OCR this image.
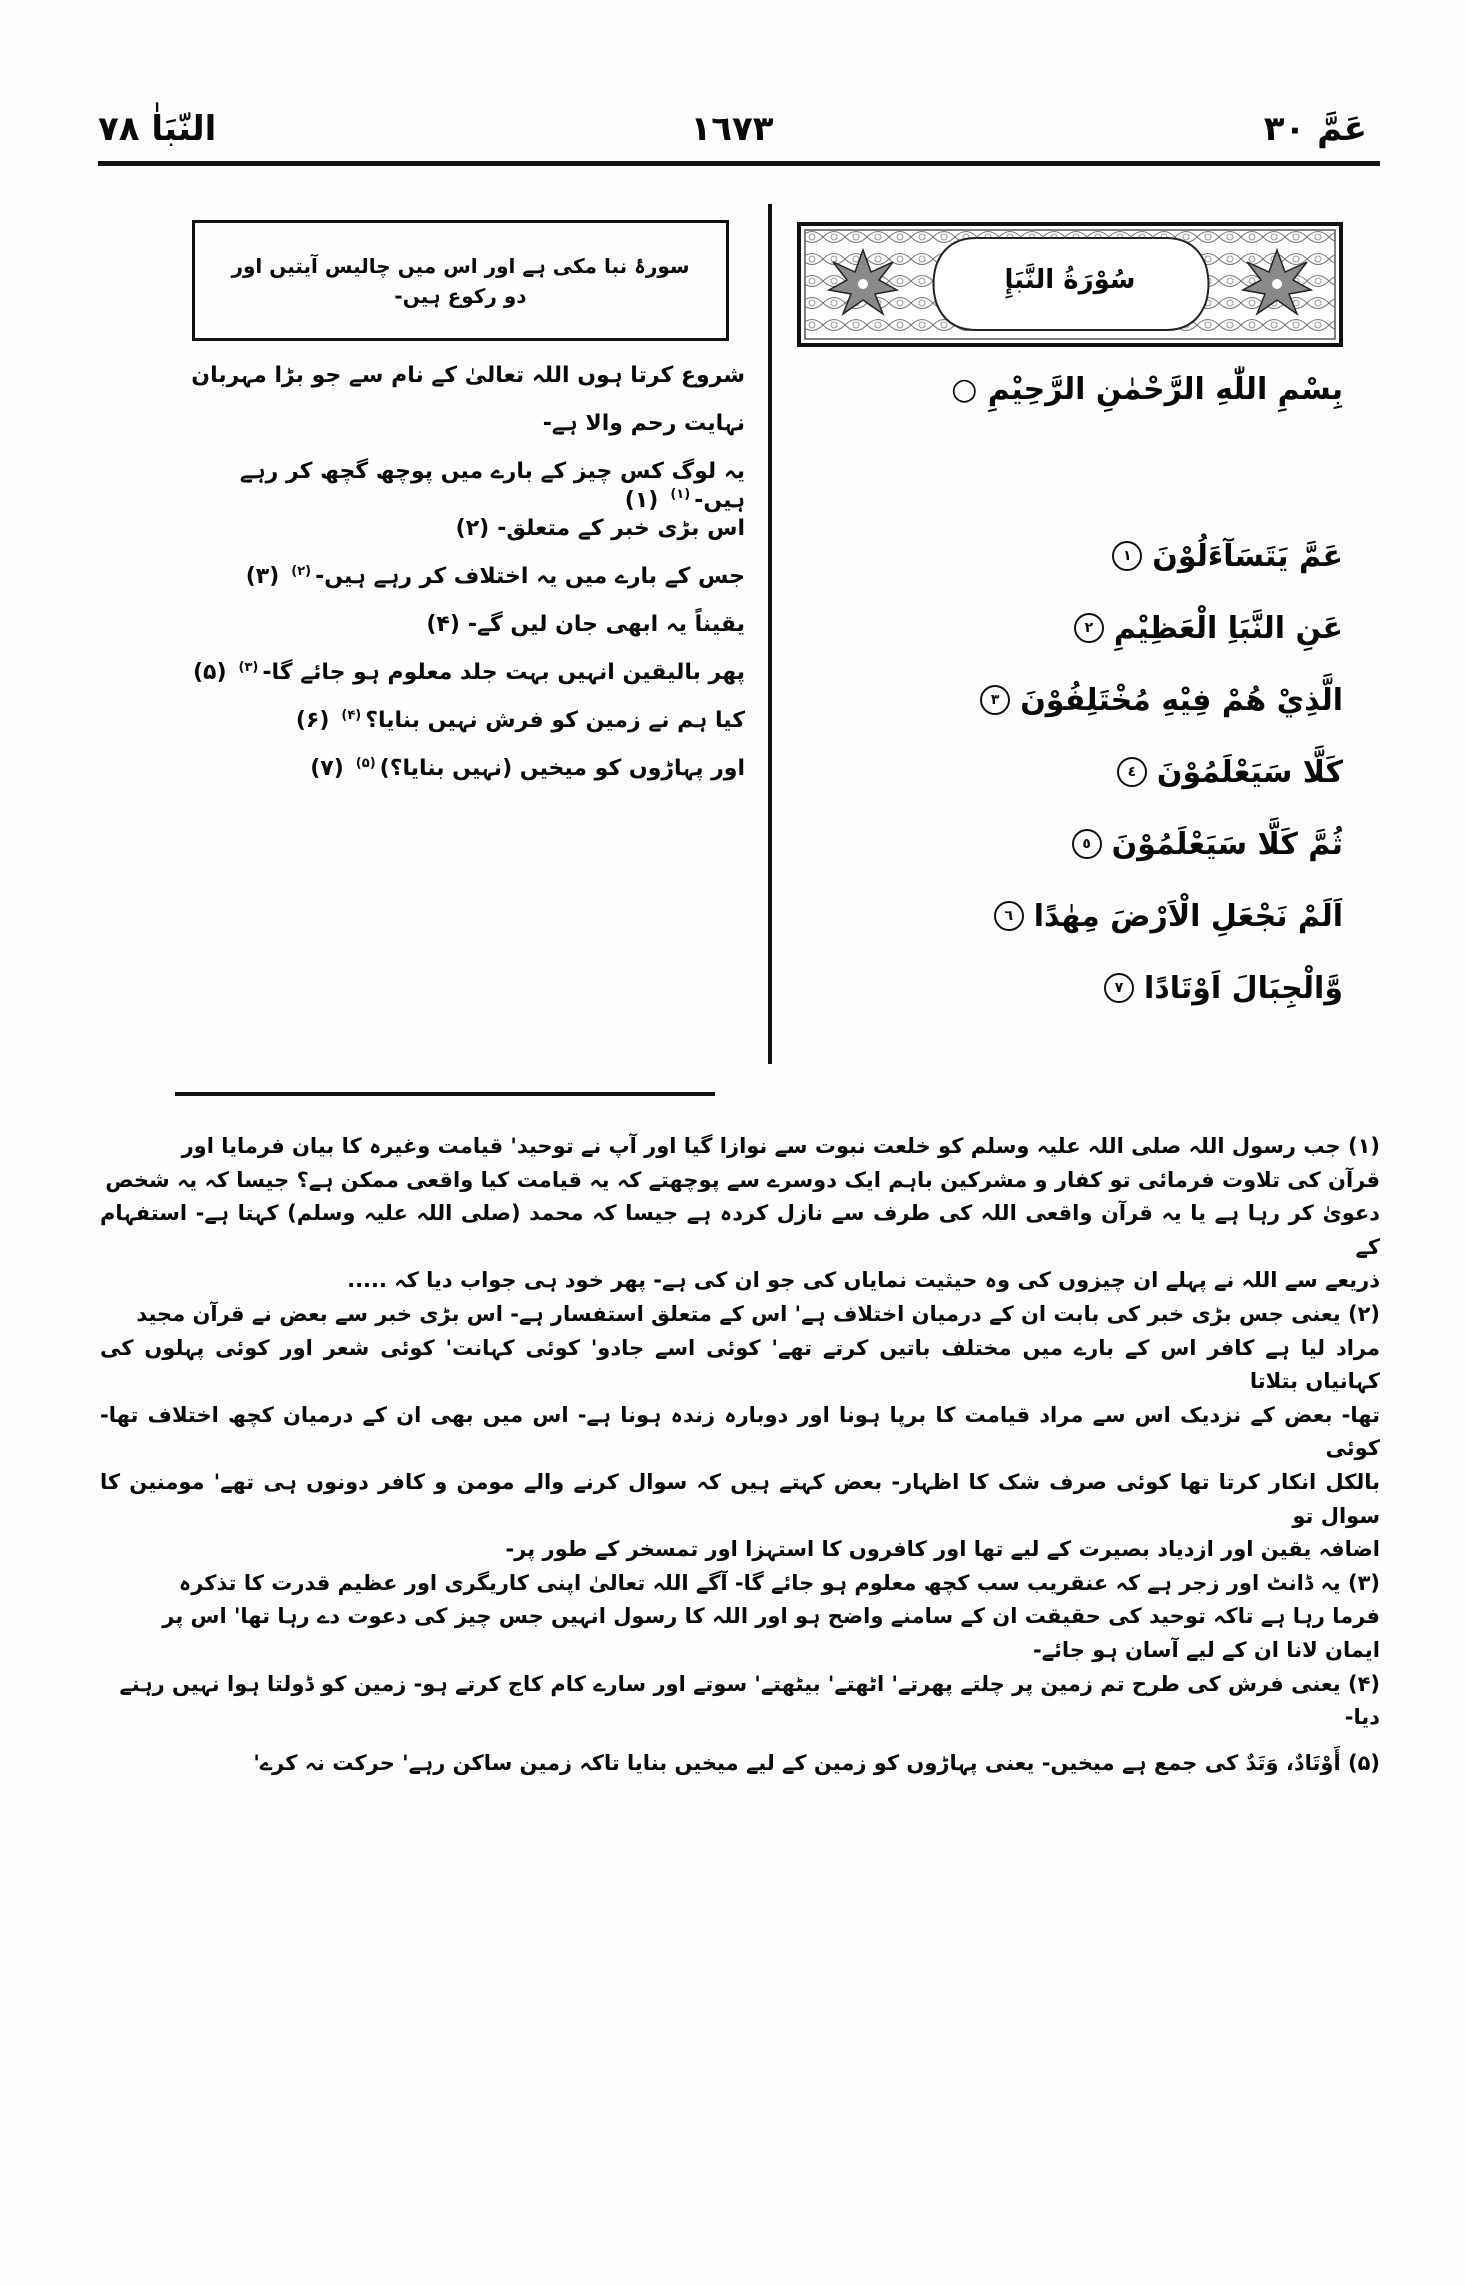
عَمَّ ٣٠
١٦٧٣
النّبَاٰ ٧٨
سُوْرَةُ النَّبَإِ
بِسْمِ اللّٰهِ الرَّحْمٰنِ الرَّحِيْمِ ○
عَمَّ يَتَسَآءَلُوْنَ
١
عَنِ النَّبَاِ الْعَظِيْمِ
٢
الَّذِيْ هُمْ فِيْهِ مُخْتَلِفُوْنَ
٣
كَلَّا سَيَعْلَمُوْنَ
٤
ثُمَّ كَلَّا سَيَعْلَمُوْنَ
٥
اَلَمْ نَجْعَلِ الْاَرْضَ مِهٰدًا
٦
وَّالْجِبَالَ اَوْتَادًا
٧
سورۂ نبا مکی ہے اور اس میں چالیس آیتیں اور
دو رکوع ہیں-
شروع کرتا ہوں اللہ تعالیٰ کے نام سے جو بڑا مہربان
نہایت رحم والا ہے-
یہ لوگ کس چیز کے بارے میں پوچھ گچھ کر رہے ہیں-$^{(۱)}$(۱)
اس بڑی خبر کے متعلق-(۲)
جس کے بارے میں یہ اختلاف کر رہے ہیں-$^{(۲)}$(۳)
یقیناً یہ ابھی جان لیں گے-(۴)
پھر بالیقین انہیں بہت جلد معلوم ہو جائے گا-$^{(۳)}$(۵)
کیا ہم نے زمین کو فرش نہیں بنایا؟$^{(۴)}$(۶)
اور پہاڑوں کو میخیں (نہیں بنایا؟)$^{(۵)}$(۷)
(۱) جب رسول اللہ صلی اللہ علیہ وسلم کو خلعت نبوت سے نوازا گیا اور آپ نے توحید' قیامت وغیرہ کا بیان فرمایا اور
قرآن کی تلاوت فرمائی تو کفار و مشرکین باہم ایک دوسرے سے پوچھتے کہ یہ قیامت کیا واقعی ممکن ہے؟ جیسا کہ یہ شخص
دعویٰ کر رہا ہے یا یہ قرآن واقعی اللہ کی طرف سے نازل کردہ ہے جیسا کہ محمد (صلی اللہ علیہ وسلم) کہتا ہے- استفہام کے
ذریعے سے اللہ نے پہلے ان چیزوں کی وہ حیثیت نمایاں کی جو ان کی ہے- پھر خود ہی جواب دیا کہ .....
(۲) یعنی جس بڑی خبر کی بابت ان کے درمیان اختلاف ہے' اس کے متعلق استفسار ہے- اس بڑی خبر سے بعض نے قرآن مجید
مراد لیا ہے کافر اس کے بارے میں مختلف باتیں کرتے تھے' کوئی اسے جادو' کوئی کہانت' کوئی شعر اور کوئی پہلوں کی کہانیاں بتلاتا
تھا- بعض کے نزدیک اس سے مراد قیامت کا برپا ہونا اور دوبارہ زندہ ہونا ہے- اس میں بھی ان کے درمیان کچھ اختلاف تھا- کوئی
بالکل انکار کرتا تھا کوئی صرف شک کا اظہار- بعض کہتے ہیں کہ سوال کرنے والے مومن و کافر دونوں ہی تھے' مومنین کا سوال تو
اضافہ یقین اور ازدیاد بصیرت کے لیے تھا اور کافروں کا استہزا اور تمسخر کے طور پر-
(۳) یہ ڈانٹ اور زجر ہے کہ عنقریب سب کچھ معلوم ہو جائے گا- آگے اللہ تعالیٰ اپنی کاریگری اور عظیم قدرت کا تذکرہ
فرما رہا ہے تاکہ توحید کی حقیقت ان کے سامنے واضح ہو اور اللہ کا رسول انہیں جس چیز کی دعوت دے رہا تھا' اس پر
ایمان لانا ان کے لیے آسان ہو جائے-
(۴) یعنی فرش کی طرح تم زمین پر چلتے پھرتے' اٹھتے' بیٹھتے' سوتے اور سارے کام کاج کرتے ہو- زمین کو ڈولتا ہوا نہیں رہنے دیا-
(۵) أَوْتَادٌ، وَتَدٌ کی جمع ہے میخیں- یعنی پہاڑوں کو زمین کے لیے میخیں بنایا تاکہ زمین ساکن رہے' حرکت نہ کرے'
